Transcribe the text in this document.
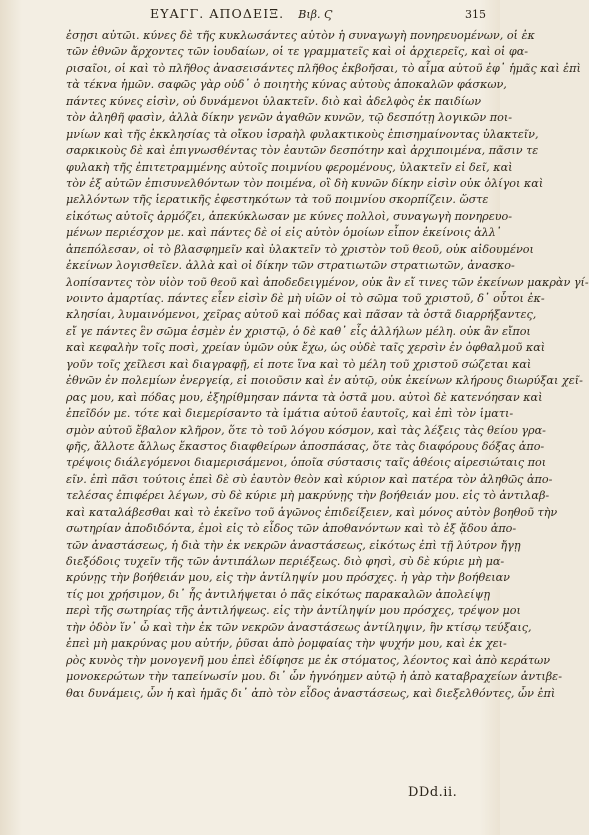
ΕΥΑΓΓ. ΑΠΟΔΕΙΞ. Βιβ. Ϛ	315
ἐσῃσι αὐτῶι. κύνες δὲ τῆς κυκλωσάντες αὐτὸν ἡ συναγωγὴ πονηρευομένων, οἱ ἐκ
τῶν ἐθνῶν ἄρχοντες τῶν ἰουδαίων, οἱ τε γραμματεῖς καὶ οἱ ἀρχιερεῖς, καὶ οἱ φα-
ρισαῖοι, οἱ καὶ τὸ πλῆθος ἀνασεισάντες πλῆθος ἐκβοῆσαι, τὸ αἷμα αὐτοῦ ἐφ᾽ ἡμᾶς καὶ ἐπὶ
τὰ τέκνα ἡμῶν. σαφῶς γὰρ οὐδ᾽ ὁ ποιητὴς κύνας αὐτοὺς ἀποκαλῶν φάσκων,
πάντες κύνες εἰσὶν, οὐ δυνάμενοι ὑλακτεῖν. διὸ καὶ ἀδελφὸς ἐκ παιδίων
τὸν ἀληθῆ φασὶν, ἀλλὰ δίκην γενῶν ἀγαθῶν κυνῶν, τῷ δεσπότῃ λογικῶν ποι-
μνίων καὶ τῆς ἐκκλησίας τὰ οἴκου ἰσραὴλ φυλακτικοὺς ἐπισημαίνοντας ὑλακτεῖν,
σαρκικοὺς δὲ καὶ ἐπιγνωσθέντας τὸν ἑαυτῶν δεσπότην καὶ ἀρχιποιμένα, πᾶσιν τε
φυλακὴ τῆς ἐπιτετραμμένης αὐτοῖς ποιμνίου φερομένους, ὑλακτεῖν εἰ δεῖ, καὶ
τὸν ἐξ αὐτῶν ἐπισυνελθόντων τὸν ποιμένα, οἳ δὴ κυνῶν δίκην εἰσὶν οὐκ ὀλίγοι καὶ
μελλόντων τῆς ἱερατικῆς ἐφεστηκότων τὰ τοῦ ποιμνίου σκορπίζειν. ὥστε
εἰκότως αὐτοῖς ἁρμόζει, ἀπεκύκλωσαν με κύνες πολλοὶ, συναγωγὴ πονηρευο-
μένων περιέσχον με. καὶ πάντες δὲ οἱ εἰς αὐτὸν ὁμοίων εἶπον ἐκείνοις ἀλλ᾽
ἀπεπόλεσαν, οἱ τὸ βλασφημεῖν καὶ ὑλακτεῖν τὸ χριστὸν τοῦ θεοῦ, οὐκ αἰδουμένοι
ἐκείνων λογισθεῖεν. ἀλλὰ καὶ οἱ δίκην τῶν στρατιωτῶν στρατιωτῶν, ἀνασκο-
λοπίσαντες τὸν υἱὸν τοῦ θεοῦ καὶ ἀποδεδειγμένον, οὐκ ἂν εἴ τινες τῶν ἐκείνων μακρὰν γί-
νοιντο ἀμαρτίας. πάντες εἶεν εἰσὶν δὲ μὴ υἱῶν οἱ τὸ σῶμα τοῦ χριστοῦ, δ᾽ οὗτοι ἐκ-
κλησίαι, λυμαινόμενοι, χεῖρας αὐτοῦ καὶ πόδας καὶ πᾶσαν τὰ ὀστᾶ διαρρήξαντες,
εἴ γε πάντες ἓν σῶμα ἐσμὲν ἐν χριστῷ, ὁ δὲ καθ᾽ εἷς ἀλλήλων μέλη. οὐκ ἂν εἴποι
καὶ κεφαλὴν τοῖς ποσὶ, χρείαν ὑμῶν οὐκ ἔχω, ὡς οὐδὲ ταῖς χερσὶν ἐν ὀφθαλμοῦ καὶ
γοῦν τοῖς χεῖλεσι καὶ διαγραφῇ, εἰ ποτε ἵνα καὶ τὸ μέλη τοῦ χριστοῦ σώζεται καὶ
ἐθνῶν ἐν πολεμίων ἐνεργείᾳ, εἰ ποιοῦσιν καὶ ἐν αὐτῷ, οὐκ ἐκείνων κλήρους διωρύξαι χεῖ-
ρας μου, καὶ πόδας μου, ἐξηρίθμησαν πάντα τὰ ὀστᾶ μου. αὐτοὶ δὲ κατενόησαν καὶ
ἐπεῖδόν με. τότε καὶ διεμερίσαντο τὰ ἱμάτια αὐτοῦ ἑαυτοῖς, καὶ ἐπὶ τὸν ἱματι-
σμὸν αὐτοῦ ἔβαλον κλῆρον, ὅτε τὸ τοῦ λόγου κόσμον, καὶ τὰς λέξεις τὰς θείου γρα-
φῆς, ἄλλοτε ἄλλως ἕκαστος διαφθείρων ἀποσπάσας, ὅτε τὰς διαφόρους δόξας ἀπο-
τρέψοις διάλεγόμενοι διαμερισάμενοι, ὁποῖα σύστασις ταῖς ἀθέοις αἱρεσιώταις ποι
εῖν. ἐπὶ πᾶσι τούτοις ἐπεὶ δὲ σὺ ἐαυτὸν θεὸν καὶ κύριον καὶ πατέρα τὸν ἀληθῶς ἀπο-
τελέσας ἐπιφέρει λέγων, σὺ δὲ κύριε μὴ μακρύνῃς τὴν βοήθειάν μου. εἰς τὸ ἀντιλαβ-
καὶ καταλάβεσθαι καὶ τὸ ἐκεῖνο τοῦ ἀγῶνος ἐπιδείξειεν, καὶ μόνος αὐτὸν βοηθοῦ τὴν
σωτηρίαν ἀποδιδόντα, ἐμοὶ εἰς τὸ εἶδος τῶν ἀποθανόντων καὶ τὸ ἐξ ᾅδου ἀπο-
τῶν ἀναστάσεως, ἡ διὰ τὴν ἐκ νεκρῶν ἀναστάσεως, εἰκότως ἐπὶ τῇ λύτρον ἤγῃ
διεξόδοις τυχεῖν τῆς τῶν ἀντιπάλων περιέξεως. διὸ φησὶ, σὺ δὲ κύριε μὴ μα-
κρύνῃς τὴν βοήθειάν μου, εἰς τὴν ἀντίληψίν μου πρόσχες. ἡ γὰρ τὴν βοήθειαν
τίς μοι χρήσιμον, δι᾽ ἧς ἀντιλήψεται ὁ πᾶς εἰκότως παρακαλῶν ἀπολείψῃ
περὶ τῆς σωτηρίας τῆς ἀντιλήψεως. εἰς τὴν ἀντίληψίν μου πρόσχες, τρέψον μοι
τὴν ὁδὸν ἵν᾽ ὦ καὶ τὴν ἐκ τῶν νεκρῶν ἀναστάσεως ἀντίληψιν, ἣν κτίσῳ τεύξαις,
ἐπεὶ μὴ μακρύνας μου αὐτήν, ῥῦσαι ἀπὸ ῥομφαίας τὴν ψυχήν μου, καὶ ἐκ χει-
ρὸς κυνὸς τὴν μονογενῆ μου ἐπεὶ ἐδίφησε με ἐκ στόματος, λέοντος καὶ ἀπὸ κεράτων
μονοκερώτων τὴν ταπείνωσίν μου. δι᾽ ὧν ἠγνόημεν αὐτῷ ἡ ἀπὸ καταβραχείων ἀντιβε-
θαι δυνάμεις, ὧν ἡ καὶ ἡμᾶς δι᾽ ἀπὸ τὸν εἶδος ἀναστάσεως, καὶ διεξελθόντες, ὧν ἐπὶ
DDd.ii.
